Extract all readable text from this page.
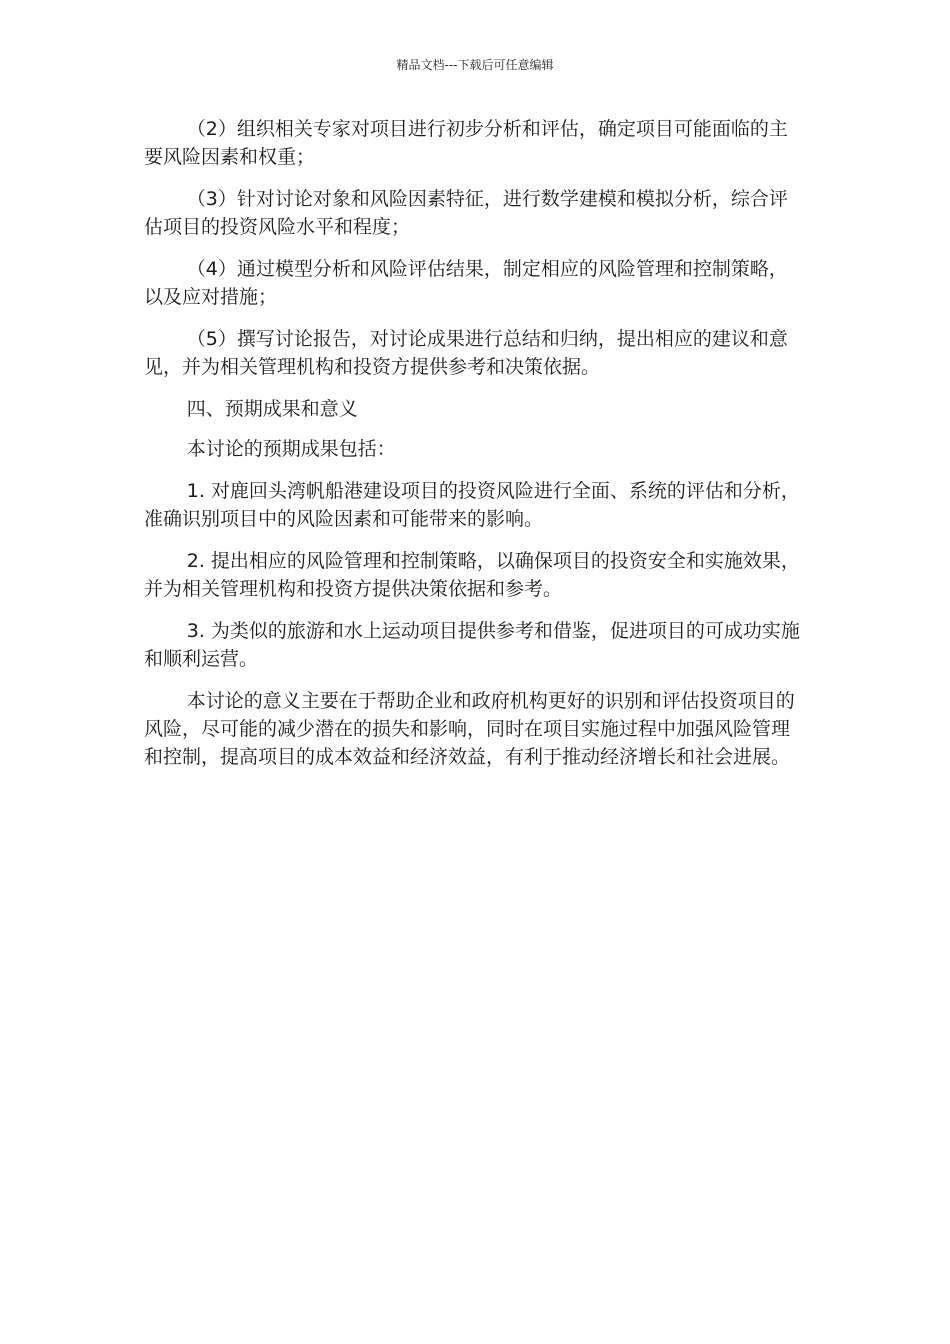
精品文档---下载后可任意编辑

（2）组织相关专家对项目进行初步分析和评估，确定项目可能面临的主要风险因素和权重；

（3）针对讨论对象和风险因素特征，进行数学建模和模拟分析，综合评估项目的投资风险水平和程度；

（4）通过模型分析和风险评估结果，制定相应的风险管理和控制策略，以及应对措施；

（5）撰写讨论报告，对讨论成果进行总结和归纳，提出相应的建议和意见，并为相关管理机构和投资方提供参考和决策依据。

四、预期成果和意义

本讨论的预期成果包括：

1. 对鹿回头湾帆船港建设项目的投资风险进行全面、系统的评估和分析，准确识别项目中的风险因素和可能带来的影响。

2. 提出相应的风险管理和控制策略，以确保项目的投资安全和实施效果，并为相关管理机构和投资方提供决策依据和参考。

3. 为类似的旅游和水上运动项目提供参考和借鉴，促进项目的可成功实施和顺利运营。

本讨论的意义主要在于帮助企业和政府机构更好的识别和评估投资项目的风险，尽可能的减少潜在的损失和影响，同时在项目实施过程中加强风险管理和控制，提高项目的成本效益和经济效益，有利于推动经济增长和社会进展。
